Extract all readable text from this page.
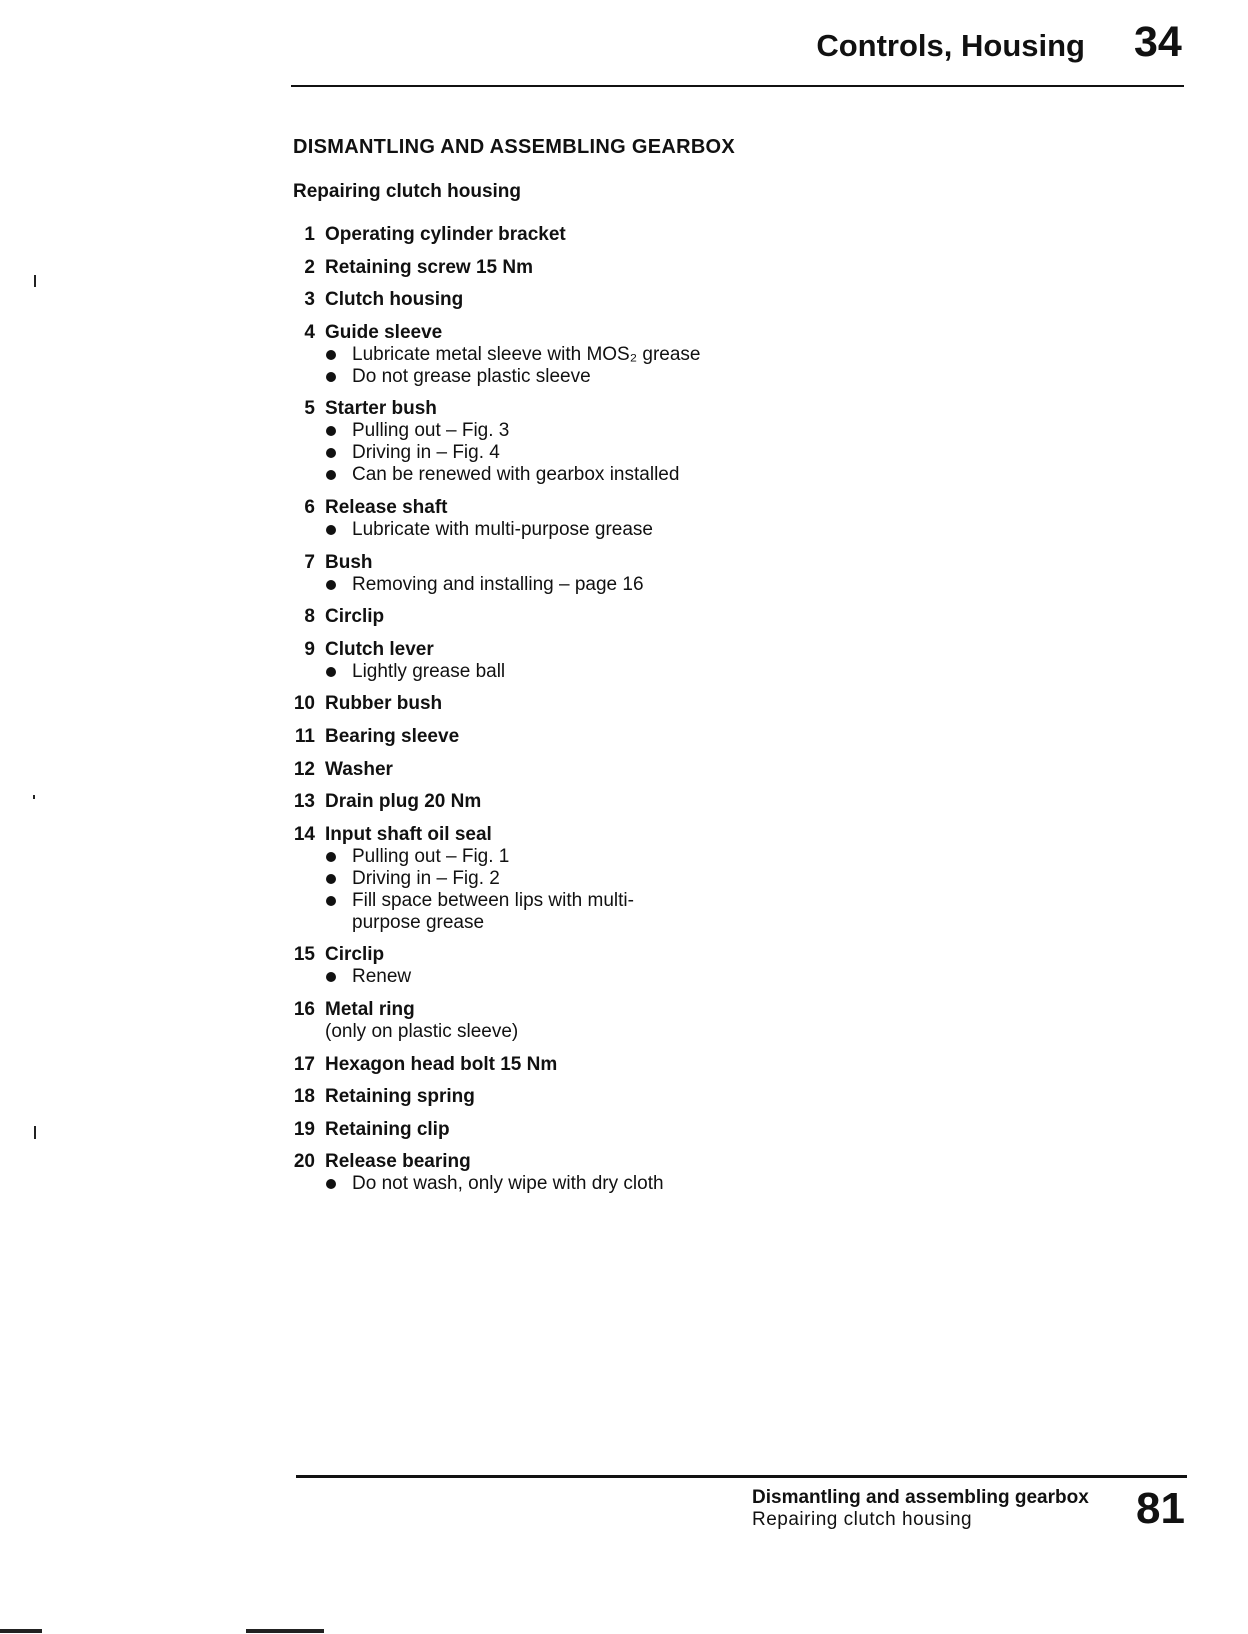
Controls, Housing 34
DISMANTLING AND ASSEMBLING GEARBOX
Repairing clutch housing
1 Operating cylinder bracket
2 Retaining screw 15 Nm
3 Clutch housing
4 Guide sleeve
Lubricate metal sleeve with MOS₂ grease
Do not grease plastic sleeve
5 Starter bush
Pulling out – Fig. 3
Driving in – Fig. 4
Can be renewed with gearbox installed
6 Release shaft
Lubricate with multi-purpose grease
7 Bush
Removing and installing – page 16
8 Circlip
9 Clutch lever
Lightly grease ball
10 Rubber bush
11 Bearing sleeve
12 Washer
13 Drain plug 20 Nm
14 Input shaft oil seal
Pulling out – Fig. 1
Driving in – Fig. 2
Fill space between lips with multi-
purpose grease
15 Circlip
Renew
16 Metal ring
(only on plastic sleeve)
17 Hexagon head bolt 15 Nm
18 Retaining spring
19 Retaining clip
20 Release bearing
Do not wash, only wipe with dry cloth
Dismantling and assembling gearbox
Repairing clutch housing	81
